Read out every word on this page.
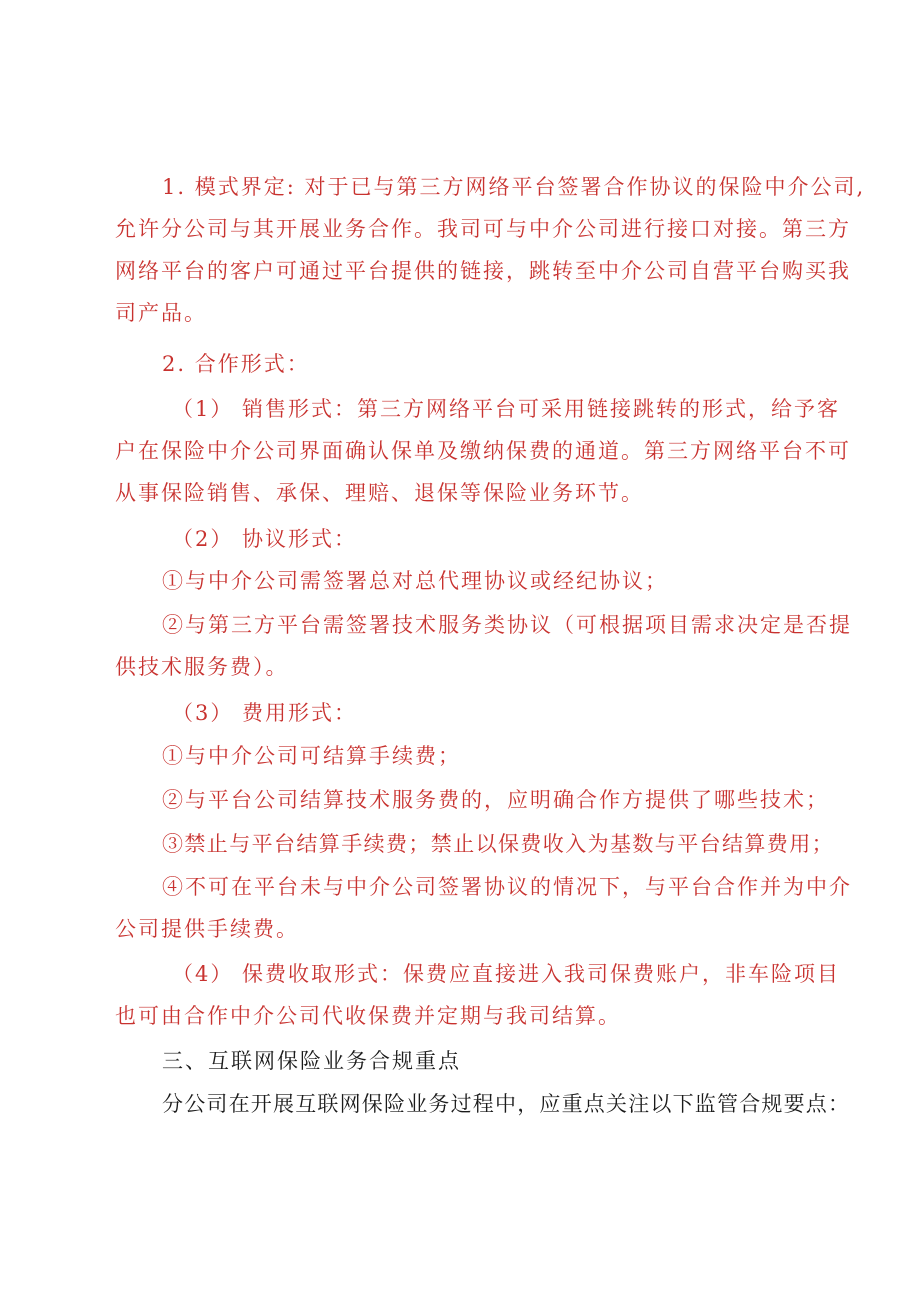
1. 模式界定: 对于已与第三方网络平台签署合作协议的保险中介公司,
允许分公司与其开展业务合作。我司可与中介公司进行接口对接。第三方
网络平台的客户可通过平台提供的链接，跳转至中介公司自营平台购买我
司产品。
2. 合作形式：
（1） 销售形式：第三方网络平台可采用链接跳转的形式，给予客
户在保险中介公司界面确认保单及缴纳保费的通道。第三方网络平台不可
从事保险销售、承保、理赔、退保等保险业务环节。
（2） 协议形式：
①与中介公司需签署总对总代理协议或经纪协议；
②与第三方平台需签署技术服务类协议（可根据项目需求决定是否提
供技术服务费）。
（3） 费用形式：
①与中介公司可结算手续费；
②与平台公司结算技术服务费的，应明确合作方提供了哪些技术；
③禁止与平台结算手续费；禁止以保费收入为基数与平台结算费用；
④不可在平台未与中介公司签署协议的情况下，与平台合作并为中介
公司提供手续费。
（4） 保费收取形式：保费应直接进入我司保费账户，非车险项目
也可由合作中介公司代收保费并定期与我司结算。
三、互联网保险业务合规重点
分公司在开展互联网保险业务过程中，应重点关注以下监管合规要点：
